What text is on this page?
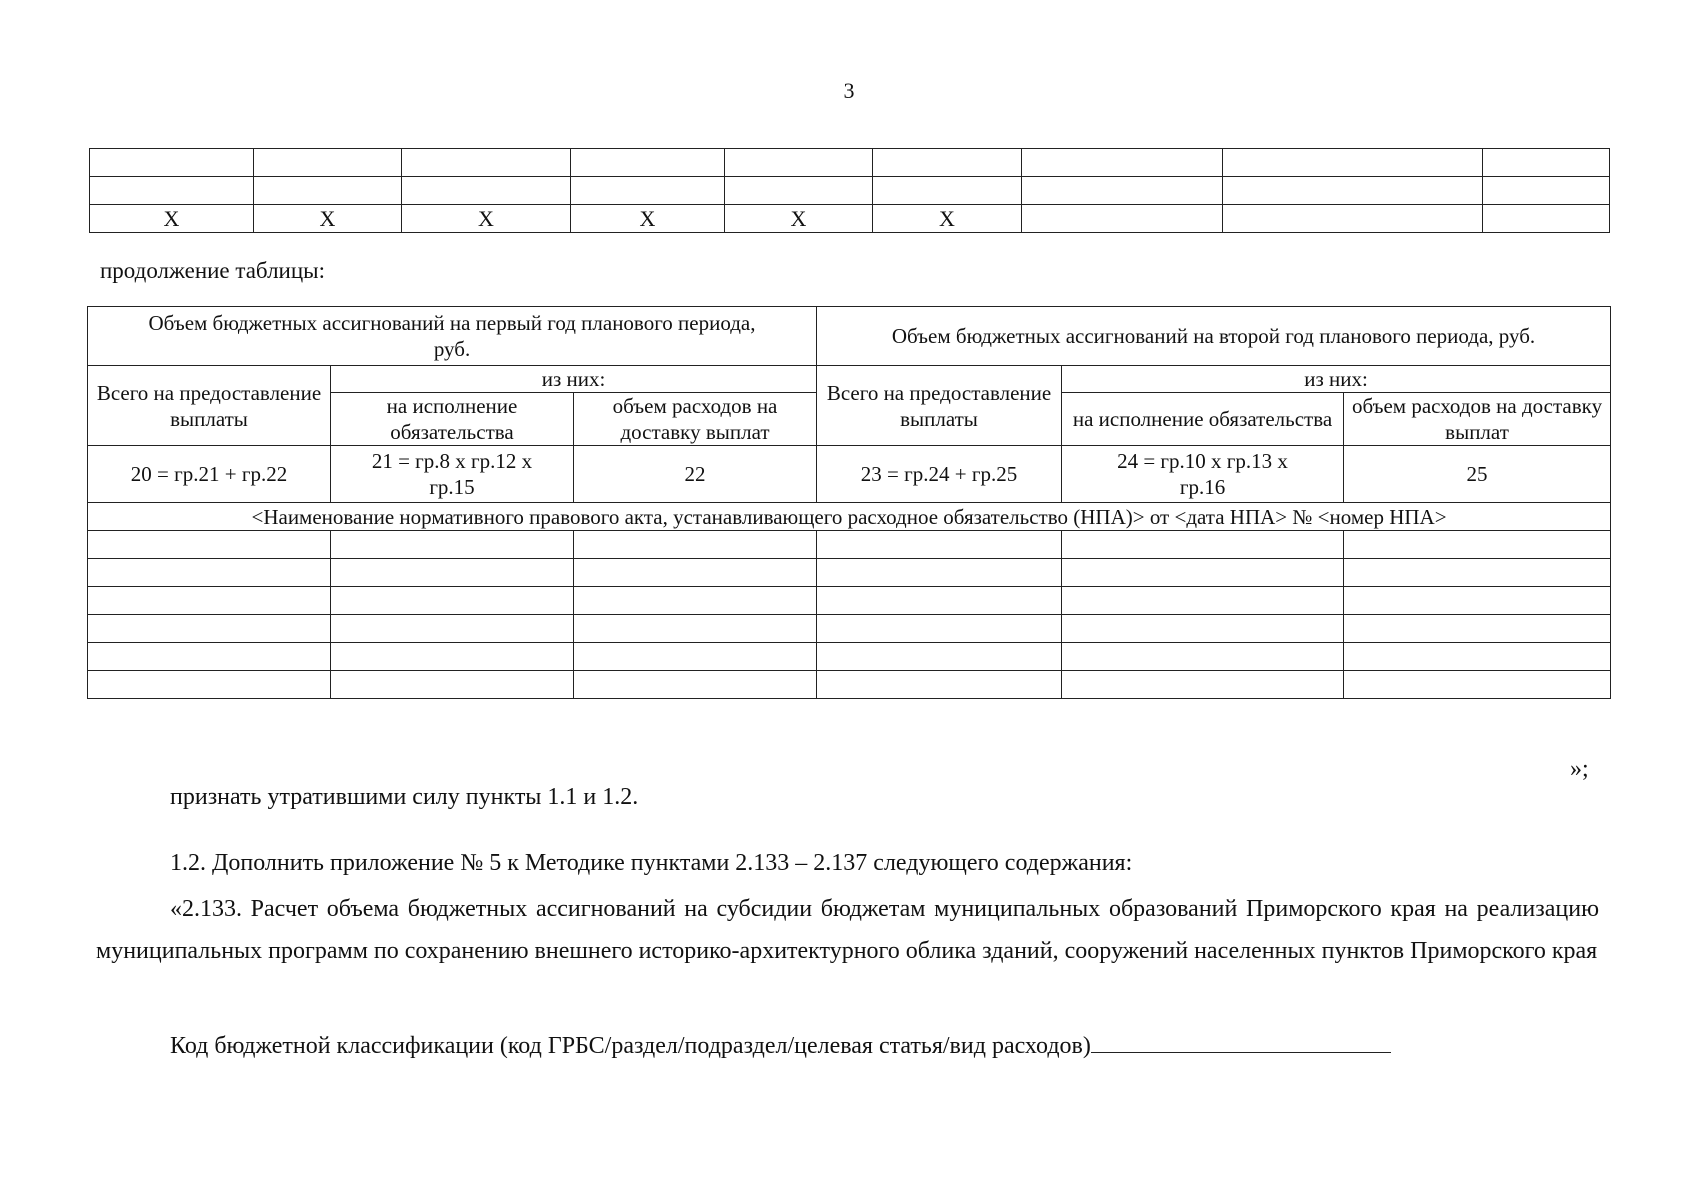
3

X	X	X	X	X	X			
продолжение таблицы:
Объем бюджетных ассигнований на первый год планового периода, руб.			Объем бюджетных ассигнований на второй год планового периода, руб.		
Всего на предоставление выплаты	из них:		Всего на предоставление выплаты	из них:	
	на исполнение обязательства	объем расходов на доставку выплат		на исполнение обязательства	объем расходов на доставку выплат
20 = гр.21 + гр.22	21 = гр.8 х гр.12 х гр.15	22	23 = гр.24 + гр.25	24 = гр.10 х гр.13 х гр.16	25
<Наименование нормативного правового акта, устанавливающего расходное обязательство (НПА)> от <дата НПА> № <номер НПА>					

»;
признать утратившими силу пункты 1.1 и 1.2.
1.2. Дополнить приложение № 5 к Методике пунктами 2.133 – 2.137 следующего содержания:
«2.133. Расчет объема бюджетных ассигнований на субсидии бюджетам муниципальных образований Приморского края на реализацию муниципальных программ по сохранению внешнего историко-архитектурного облика зданий, сооружений населенных пунктов Приморского края
Код бюджетной классификации (код ГРБС/раздел/подраздел/целевая статья/вид расходов)
